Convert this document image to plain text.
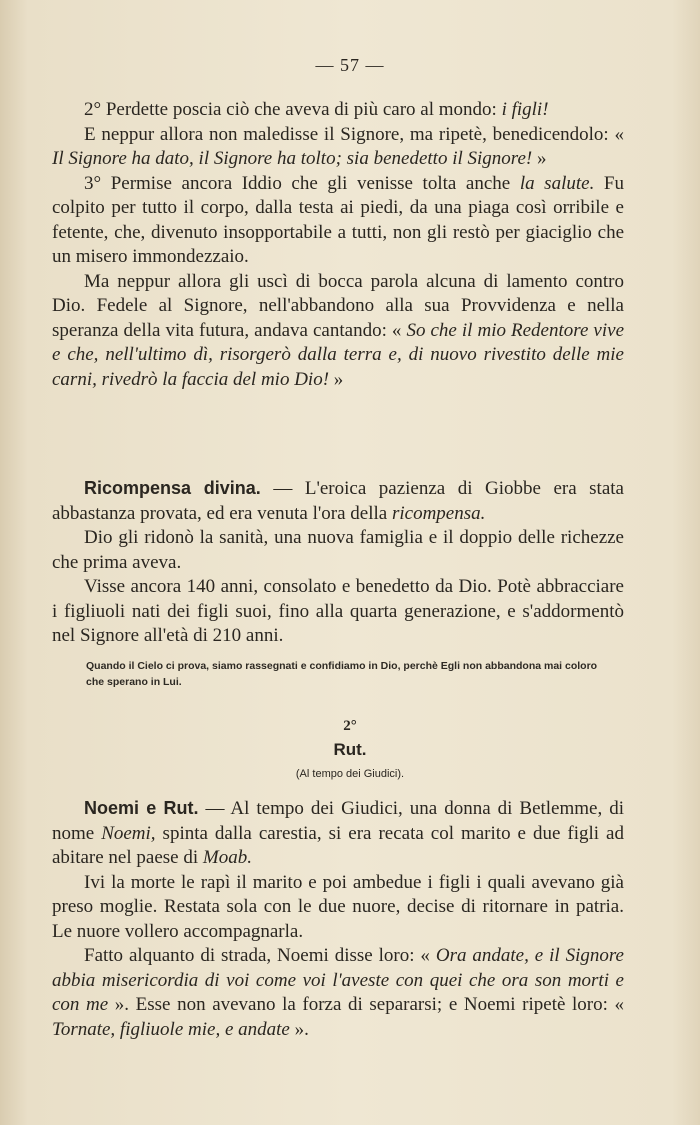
— 57 —

2° Perdette poscia ciò che aveva di più caro al mondo: i figli!

E neppur allora non maledisse il Signore, ma ripetè, benedicendolo: « Il Signore ha dato, il Signore ha tolto; sia benedetto il Signore! »

3° Permise ancora Iddio che gli venisse tolta anche la salute. Fu colpito per tutto il corpo, dalla testa ai piedi, da una piaga così orribile e fetente, che, divenuto insopportabile a tutti, non gli restò per giaciglio che un misero immondezzaio.

Ma neppur allora gli uscì di bocca parola alcuna di lamento contro Dio. Fedele al Signore, nell'abbandono alla sua Provvidenza e nella speranza della vita futura, andava cantando: « So che il mio Redentore vive e che, nell'ultimo dì, risorgerò dalla terra e, di nuovo rivestito delle mie carni, rivedrò la faccia del mio Dio! »

Ricompensa divina. — L'eroica pazienza di Giobbe era stata abbastanza provata, ed era venuta l'ora della ricompensa.

Dio gli ridonò la sanità, una nuova famiglia e il doppio delle richezze che prima aveva.

Visse ancora 140 anni, consolato e benedetto da Dio. Potè abbracciare i figliuoli nati dei figli suoi, fino alla quarta generazione, e s'addormentò nel Signore all'età di 210 anni.

Quando il Cielo ci prova, siamo rassegnati e confidiamo in Dio, perchè Egli non abbandona mai coloro che sperano in Lui.
2°
Rut.
(Al tempo dei Giudici).

Noemi e Rut. — Al tempo dei Giudici, una donna di Betlemme, di nome Noemi, spinta dalla carestia, si era recata col marito e due figli ad abitare nel paese di Moab.

Ivi la morte le rapì il marito e poi ambedue i figli i quali avevano già preso moglie. Restata sola con le due nuore, decise di ritornare in patria. Le nuore vollero accompagnarla.

Fatto alquanto di strada, Noemi disse loro: « Ora andate, e il Signore abbia misericordia di voi come voi l'aveste con quei che ora son morti e con me ». Esse non avevano la forza di separarsi; e Noemi ripetè loro: « Tornate, figliuole mie, e andate ».
